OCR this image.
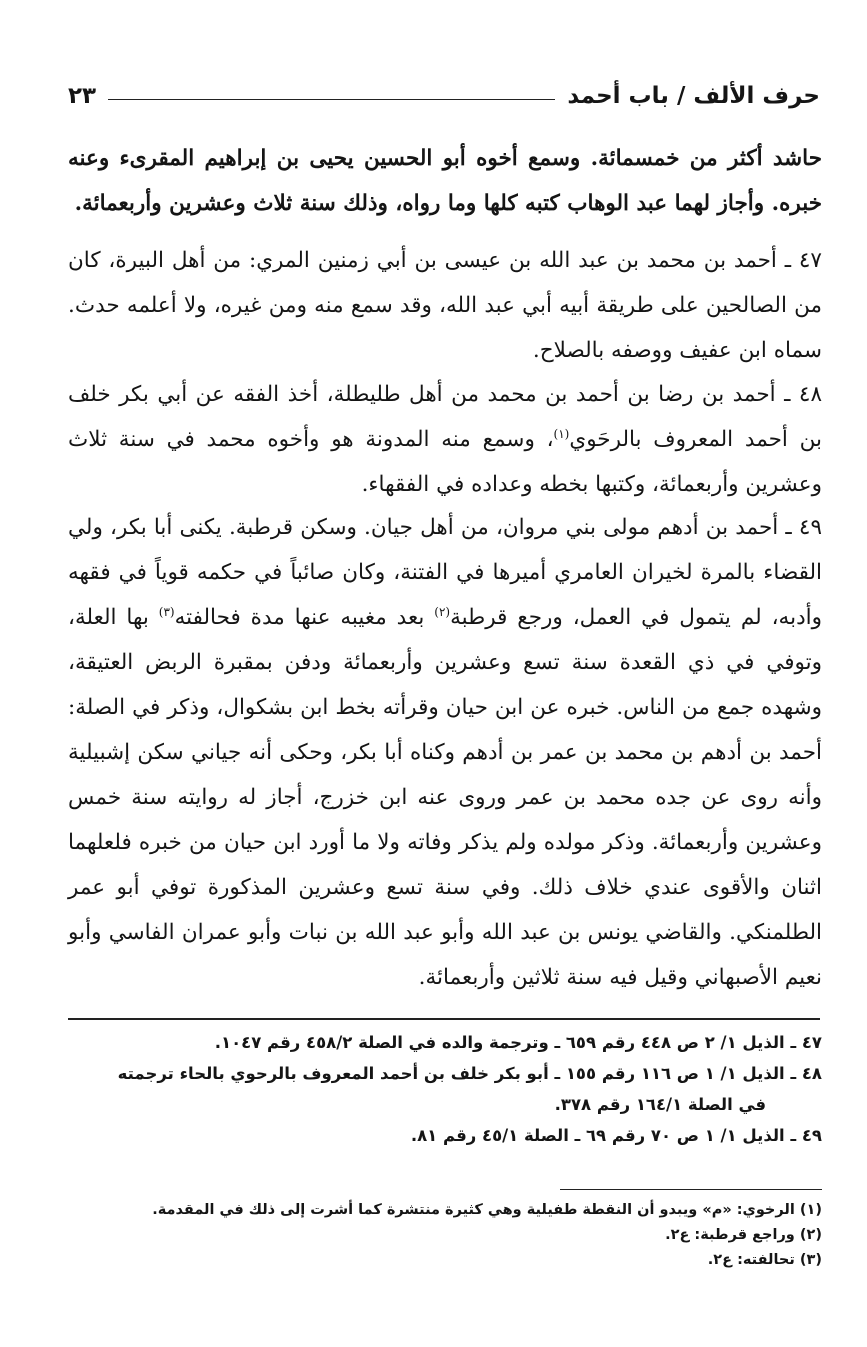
حرف الألف / باب أحمد
٢٣
حاشد أكثر من خمسمائة. وسمع أخوه أبو الحسين يحيى بن إبراهيم المقرىء وعنه خبره. وأجاز لهما عبد الوهاب كتبه كلها وما رواه، وذلك سنة ثلاث وعشرين وأربعمائة.
٤٧ ـ أحمد بن محمد بن عبد الله بن عيسى بن أبي زمنين المري: من أهل البيرة، كان من الصالحين على طريقة أبيه أبي عبد الله، وقد سمع منه ومن غيره، ولا أعلمه حدث. سماه ابن عفيف ووصفه بالصلاح.
٤٨ ـ أحمد بن رضا بن أحمد بن محمد من أهل طليطلة، أخذ الفقه عن أبي بكر خلف بن أحمد المعروف بالرحَوي$^{(١)}$، وسمع منه المدونة هو وأخوه محمد في سنة ثلاث وعشرين وأربعمائة، وكتبها بخطه وعداده في الفقهاء.
٤٩ ـ أحمد بن أدهم مولى بني مروان، من أهل جيان. وسكن قرطبة. يكنى أبا بكر، ولي القضاء بالمرة لخيران العامري أميرها في الفتنة، وكان صائباً في حكمه قوياً في فقهه وأدبه، لم يتمول في العمل، ورجع قرطبة$^{(٢)}$ بعد مغيبه عنها مدة فحالفته$^{(٣)}$ بها العلة، وتوفي في ذي القعدة سنة تسع وعشرين وأربعمائة ودفن بمقبرة الربض العتيقة، وشهده جمع من الناس. خبره عن ابن حيان وقرأته بخط ابن بشكوال، وذكر في الصلة: أحمد بن أدهم بن محمد بن عمر بن أدهم وكناه أبا بكر، وحكى أنه جياني سكن إشبيلية وأنه روى عن جده محمد بن عمر وروى عنه ابن خزرج، أجاز له روايته سنة خمس وعشرين وأربعمائة. وذكر مولده ولم يذكر وفاته ولا ما أورد ابن حيان من خبره فلعلهما اثنان والأقوى عندي خلاف ذلك. وفي سنة تسع وعشرين المذكورة توفي أبو عمر الطلمنكي. والقاضي يونس بن عبد الله وأبو عبد الله بن نبات وأبو عمران الفاسي وأبو نعيم الأصبهاني وقيل فيه سنة ثلاثين وأربعمائة.
٤٧ ـ الذيل ١/ ٢ ص ٤٤٨ رقم ٦٥٩ ـ وترجمة والده في الصلة ٤٥٨/٢ رقم ١٠٤٧.
٤٨ ـ الذيل ١/ ١ ص ١١٦ رقم ١٥٥ ـ أبو بكر خلف بن أحمد المعروف بالرحوي بالحاء ترجمته
في الصلة ١٦٤/١ رقم ٣٧٨.
٤٩ ـ الذيل ١/ ١ ص ٧٠ رقم ٦٩ ـ الصلة ٤٥/١ رقم ٨١.
(١) الرخوي: «م» ويبدو أن النقطة طفيلية وهي كثيرة منتشرة كما أشرت إلى ذلك في المقدمة.
(٢) وراجع قرطبة: ع٢.
(٣) تحالفته: ع٢.
